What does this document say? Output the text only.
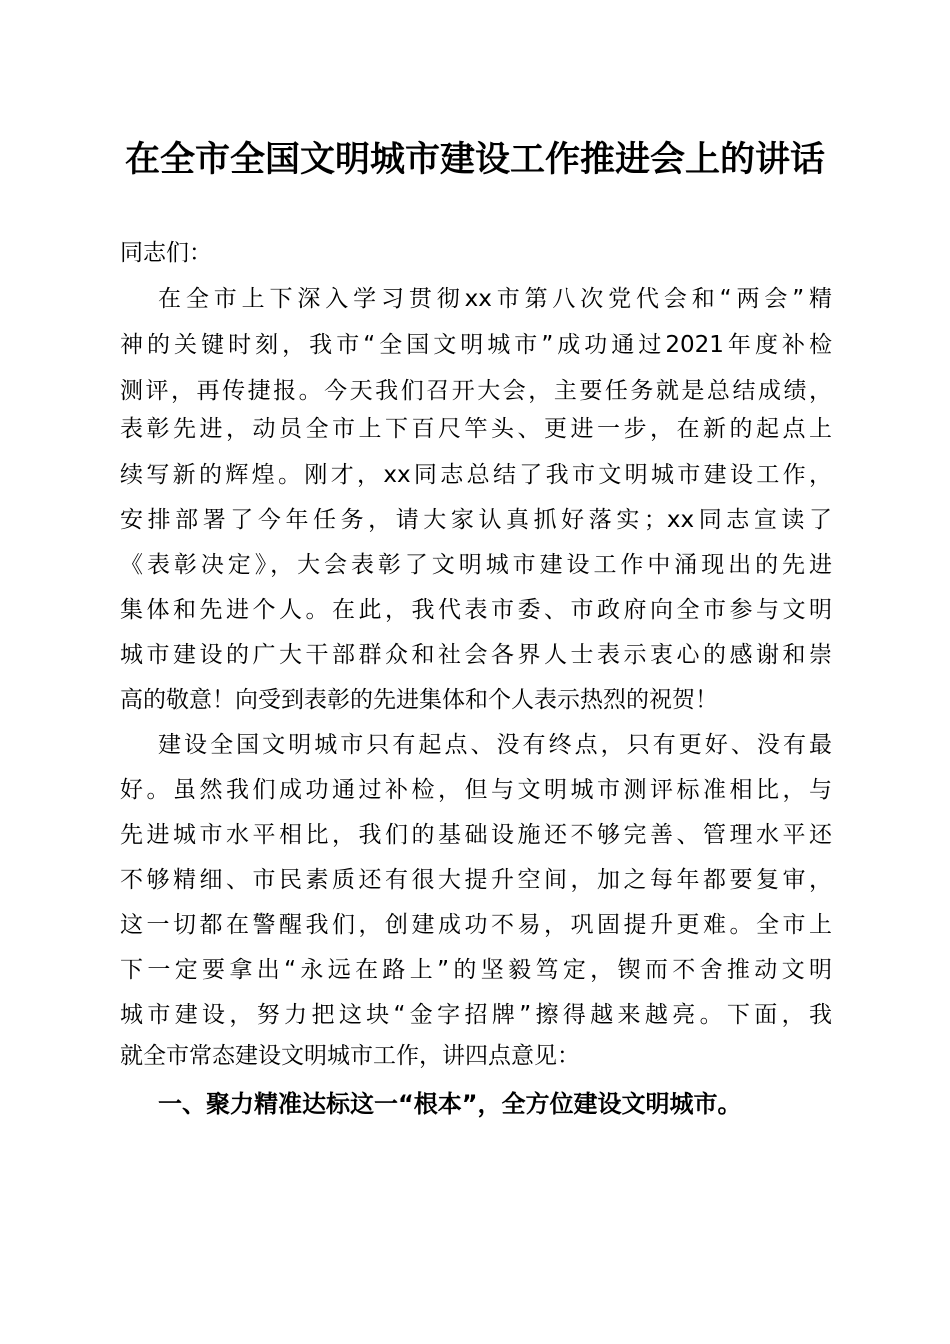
在全市全国文明城市建设工作推进会上的讲话
同志们：
在全市上下深入学习贯彻xx市第八次党代会和“两会”精
神的关键时刻，我市“全国文明城市”成功通过2021年度补检
测评，再传捷报。今天我们召开大会，主要任务就是总结成绩，
表彰先进，动员全市上下百尺竿头、更进一步，在新的起点上
续写新的辉煌。刚才，xx同志总结了我市文明城市建设工作，
安排部署了今年任务，请大家认真抓好落实；xx同志宣读了
《表彰决定》，大会表彰了文明城市建设工作中涌现出的先进
集体和先进个人。在此，我代表市委、市政府向全市参与文明
城市建设的广大干部群众和社会各界人士表示衷心的感谢和崇
高的敬意！向受到表彰的先进集体和个人表示热烈的祝贺！
建设全国文明城市只有起点、没有终点，只有更好、没有最
好。虽然我们成功通过补检，但与文明城市测评标准相比，与
先进城市水平相比，我们的基础设施还不够完善、管理水平还
不够精细、市民素质还有很大提升空间，加之每年都要复审，
这一切都在警醒我们，创建成功不易，巩固提升更难。全市上
下一定要拿出“永远在路上”的坚毅笃定，锲而不舍推动文明
城市建设，努力把这块“金字招牌”擦得越来越亮。下面，我
就全市常态建设文明城市工作，讲四点意见：
一、聚力精准达标这一“根本”，全方位建设文明城市。
